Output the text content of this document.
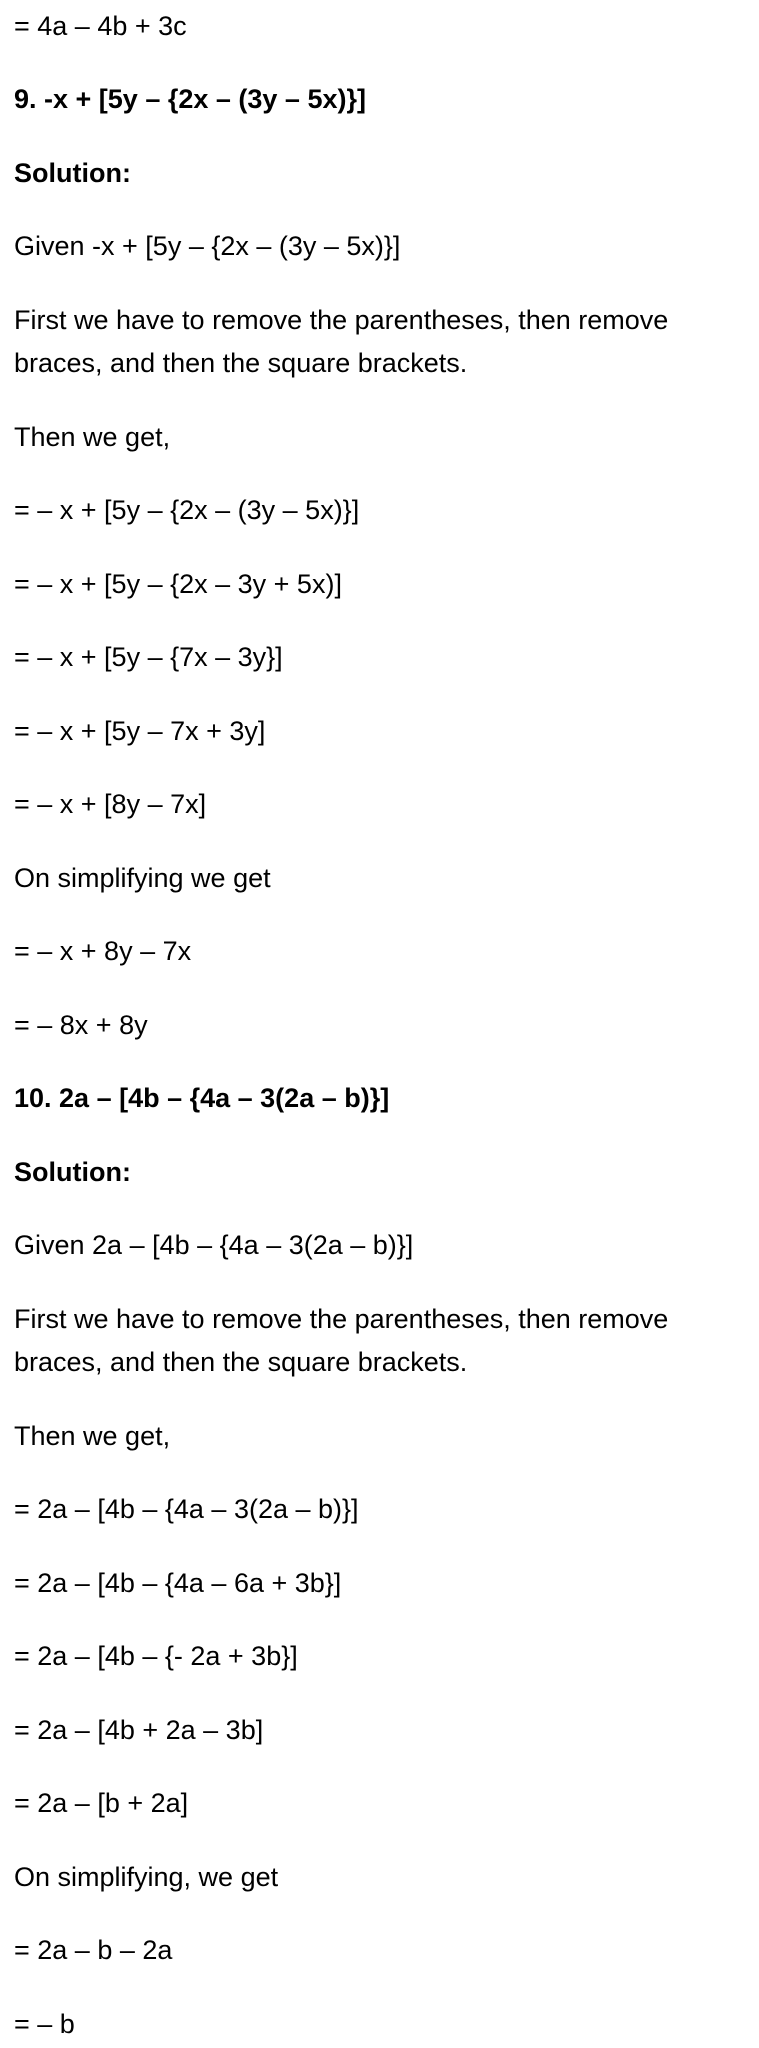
= 4a – 4b + 3c
9. -x + [5y – {2x – (3y – 5x)}]
Solution:
Given -x + [5y – {2x – (3y – 5x)}]
First we have to remove the parentheses, then remove
braces, and then the square brackets.
Then we get,
= – x + [5y – {2x – (3y – 5x)}]
= – x + [5y – {2x – 3y + 5x)]
= – x + [5y – {7x – 3y}]
= – x + [5y – 7x + 3y]
= – x + [8y – 7x]
On simplifying we get
= – x + 8y – 7x
= – 8x + 8y
10. 2a – [4b – {4a – 3(2a – b)}]
Solution:
Given 2a – [4b – {4a – 3(2a – b)}]
First we have to remove the parentheses, then remove
braces, and then the square brackets.
Then we get,
= 2a – [4b – {4a – 3(2a – b)}]
= 2a – [4b – {4a – 6a + 3b}]
= 2a – [4b – {- 2a + 3b}]
= 2a – [4b + 2a – 3b]
= 2a – [b + 2a]
On simplifying, we get
= 2a – b – 2a
= – b
